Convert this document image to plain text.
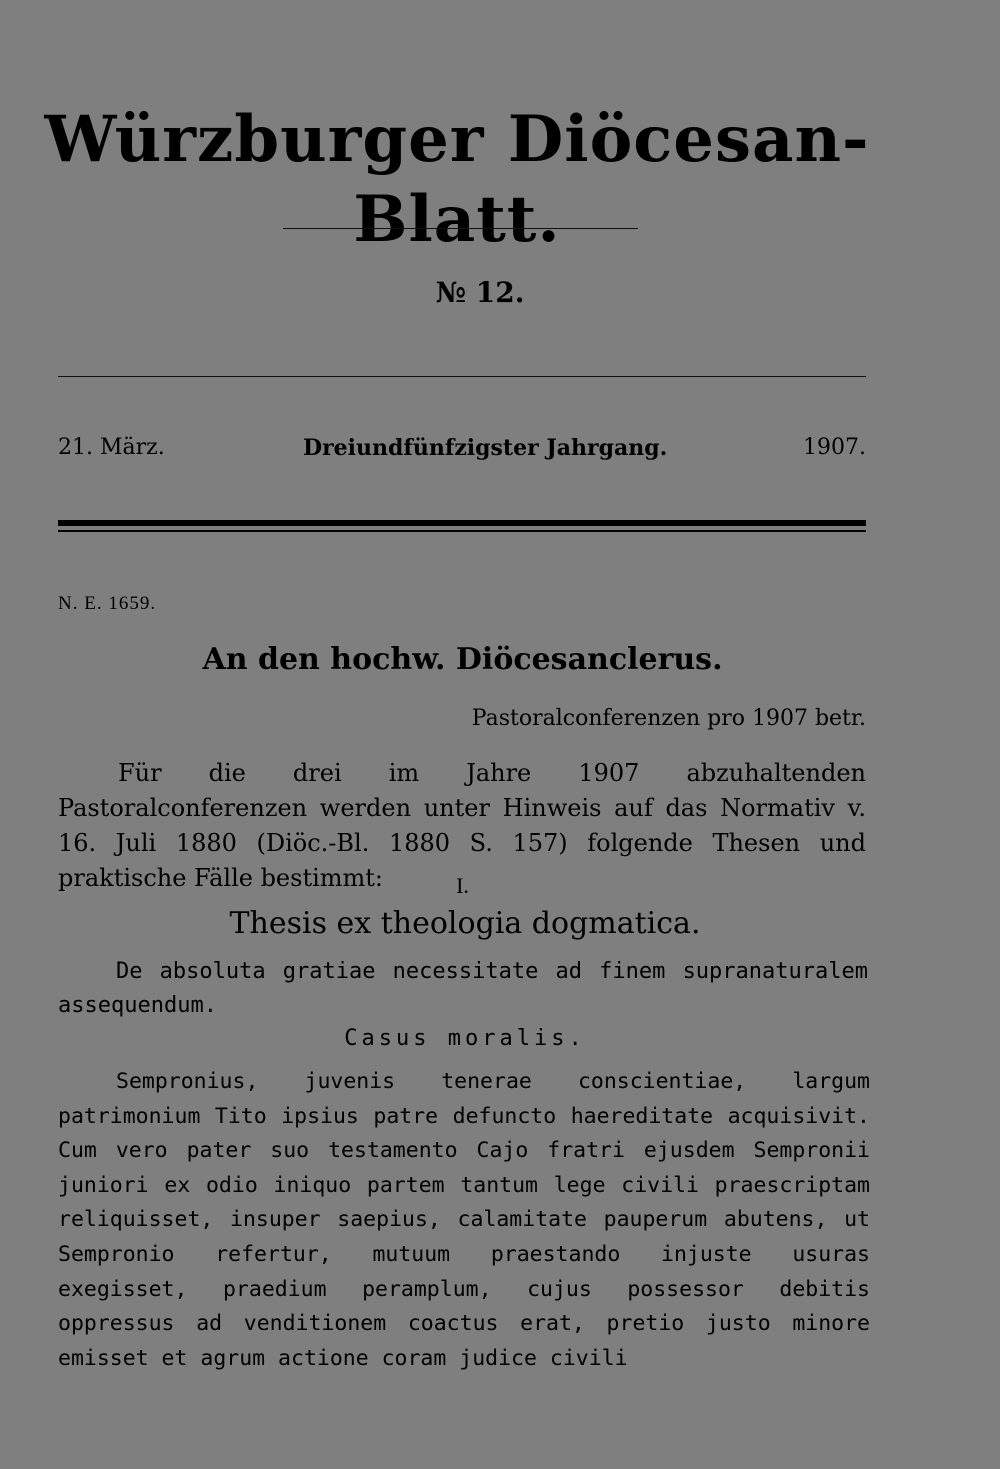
Würzburger Diöcesan-Blatt.
№ 12.
21. März.	Dreiundfünfzigster Jahrgang.	1907.
N. E. 1659.
An den hochw. Diöcesanclerus.
Pastoralconferenzen pro 1907 betr.
Für die drei im Jahre 1907 abzuhaltenden Pastoralconferenzen werden unter Hinweis auf das Normativ v. 16. Juli 1880 (Diöc.-Bl. 1880 S. 157) folgende Thesen und praktische Fälle bestimmt:	I.
Thesis ex theologia dogmatica.
De absoluta gratiae necessitate ad finem supranaturalem assequendum.
Casus moralis.
Sempronius, juvenis tenerae conscientiae, largum patrimonium Tito ipsius patre defuncto haereditate acquisivit. Cum vero pater suo testamento Cajo fratri ejusdem Sempronii juniori ex odio iniquo partem tantum lege civili praescriptam reliquisset, insuper saepius, calamitate pauperum abutens, ut Sempronio refertur, mutuum praestando injuste usuras exegisset, praedium peramplum, cujus possessor debitis oppressus ad venditionem coactus erat, pretio justo minore emisset et agrum actione coram judice civili
